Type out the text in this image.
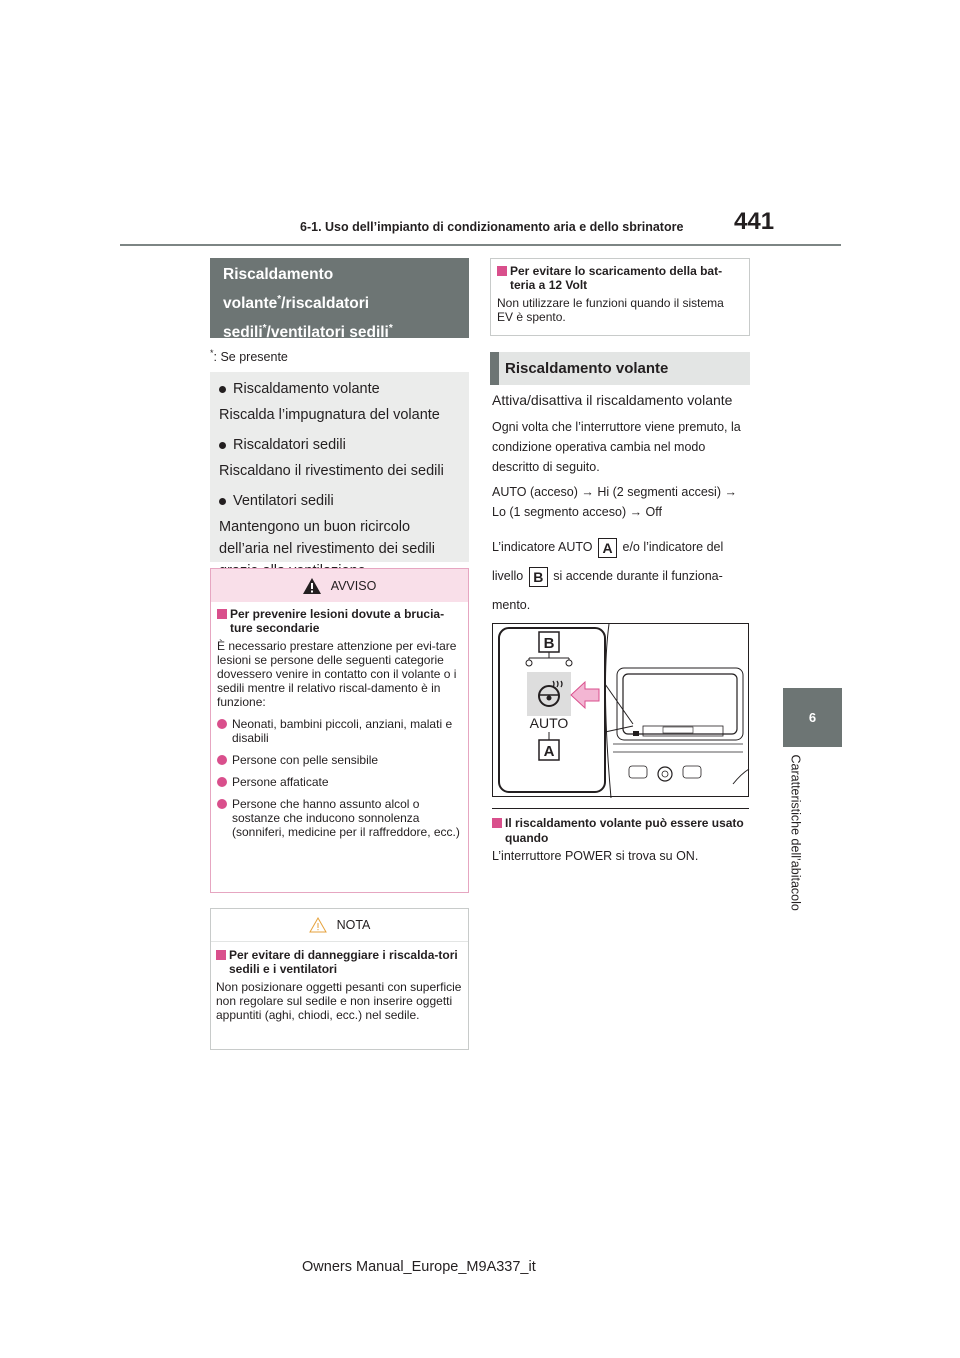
6-1. Uso dell’impianto di condizionamento aria e dello sbrinatore 441
6
Caratteristiche dell’abitacolo
Riscaldamento
volante*/riscaldatori
sedili*/ventilatori sedili*
*: Se presente
Riscaldamento volante
Riscalda l’impugnatura del volante
Riscaldatori sedili
Riscaldano il rivestimento dei sedili
Ventilatori sedili
Mantengono un buon ricircolo dell’aria nel rivestimento dei sedili
AVVISO
Per prevenire lesioni dovute a brucia-ture secondarie
È necessario prestare attenzione per evi-tare lesioni se persone delle seguenti categorie dovessero venire in contatto con il volante o i sedili mentre il relativo riscal-damento è in funzione:
Neonati, bambini piccoli, anziani, malati e disabili
Persone con pelle sensibile
Persone affaticate
Persone che hanno assunto alcol o sostanze che inducono sonnolenza (sonniferi, medicine per il raffreddore, ecc.)
NOTA
Per evitare di danneggiare i riscalda-tori sedili e i ventilatori
Non posizionare oggetti pesanti con superficie non regolare sul sedile e non inserire oggetti appuntiti (aghi, chiodi, ecc.) nel sedile.
Per evitare lo scaricamento della bat-teria a 12 Volt
Non utilizzare le funzioni quando il sistema EV è spento.
Riscaldamento volante
Attiva/disattiva il riscaldamento volante
Ogni volta che l’interruttore viene premuto, la condizione operativa cambia nel modo descritto di seguito.
AUTO (acceso) → Hi (2 segmenti accesi) → Lo (1 segmento acceso) → Off
L’indicatore AUTO A e/o l’indicatore del livello B si accende durante il funziona-mento.
B
AUTO
A
Il riscaldamento volante può essere usato quando
L’interruttore POWER si trova su ON.
Owners Manual_Europe_M9A337_it
